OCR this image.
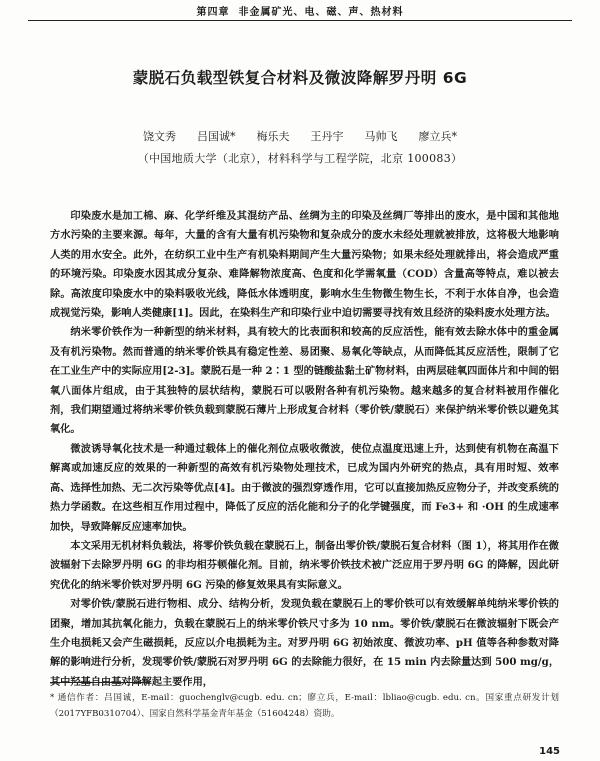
第四章  非金属矿光、电、磁、声、热材料
蒙脱石负载型铁复合材料及微波降解罗丹明 6G
饶文秀  吕国诚*  梅乐夫  王丹宇  马帅飞  廖立兵*
（中国地质大学（北京），材料科学与工程学院，北京 100083）

印染废水是加工棉、麻、化学纤维及其混纺产品、丝绸为主的印染及丝绸厂等排出的废水，是中国和其他地方水污染的主要来源。每年，大量的含有大量有机污染物和复杂成分的废水未经处理就被排放，这将极大地影响人类的用水安全。此外，在纺织工业中生产有机染料期间产生大量污染物；如果未经处理就排出，将会造成严重的环境污染。印染废水因其成分复杂、难降解物浓度高、色度和化学需氧量（COD）含量高等特点，难以被去除。高浓度印染废水中的染料吸收光线，降低水体透明度，影响水生生物微生物生长，不利于水体自净，也会造成视觉污染，影响人类健康[1]。因此，在染料生产和印染行业中迫切需要寻找有效且经济的染料废水处理方法。

纳米零价铁作为一种新型的纳米材料，具有较大的比表面积和较高的反应活性，能有效去除水体中的重金属及有机污染物。然而普通的纳米零价铁具有稳定性差、易团聚、易氧化等缺点，从而降低其反应活性，限制了它在工业生产中的实际应用[2-3]。蒙脱石是一种 2∶1 型的链酸盐黏土矿物材料，由两层硅氧四面体片和中间的铝氧八面体片组成，由于其独特的层状结构，蒙脱石可以吸附各种有机污染物。越来越多的复合材料被用作催化剂，我们期望通过将纳米零价铁负载到蒙脱石薄片上形成复合材料（零价铁/蒙脱石）来保护纳米零价铁以避免其氧化。

微波诱导氧化技术是一种通过载体上的催化剂位点吸收微波，使位点温度迅速上升，达到使有机物在高温下解离或加速反应的效果的一种新型的高效有机污染物处理技术，已成为国内外研究的热点，具有用时短、效率高、选择性加热、无二次污染等优点[4]。由于微波的强烈穿透作用，它可以直接加热反应物分子，并改变系统的热力学函数。在这些相互作用过程中，降低了反应的活化能和分子的化学键强度，而 Fe3+ 和 ·OH 的生成速率加快，导致降解反应速率加快。

本文采用无机材料负载法，将零价铁负载在蒙脱石上，制备出零价铁/蒙脱石复合材料（图 1），将其用作在微波辐射下去除罗丹明 6G 的非均相芬顿催化剂。目前，纳米零价铁技术被广泛应用于罗丹明 6G 的降解，因此研究优化的纳米零价铁对罗丹明 6G 污染的修复效果具有实际意义。

对零价铁/蒙脱石进行物相、成分、结构分析，发现负载在蒙脱石上的零价铁可以有效缓解单纯纳米零价铁的团聚，增加其抗氧化能力，负载在蒙脱石上的纳米零价铁尺寸多为 10 nm。零价铁/蒙脱石在微波辐射下既会产生介电损耗又会产生磁损耗，反应以介电损耗为主。对罗丹明 6G 初始浓度、微波功率、pH 值等各种参数对降解的影响进行分析，发现零价铁/蒙脱石对罗丹明 6G 的去除能力很好，在 15 min 内去除量达到 500 mg/g，其中羟基自由基对降解起主要作用，

* 通信作者：吕国诚，E-mail：guochenglv@cugb. edu. cn；廖立兵，E-mail：lbliao@cugb. edu. cn。国家重点研发计划（2017YFB0310704）、国家自然科学基金青年基金（51604248）资助。
145
